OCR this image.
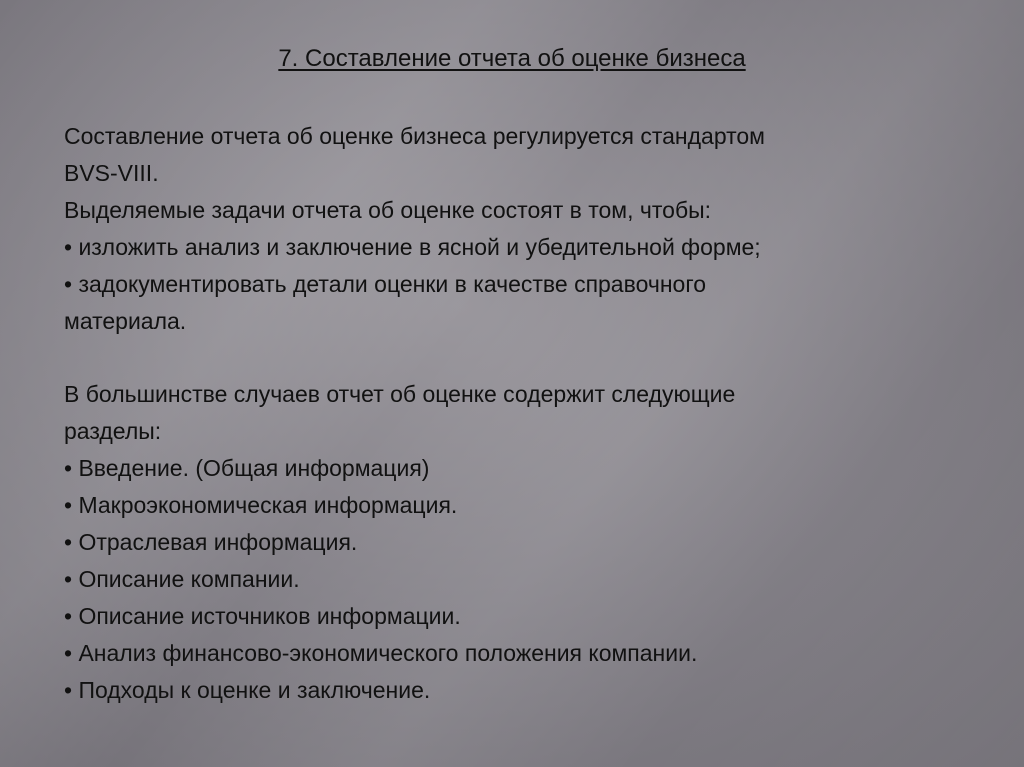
7. Составление отчета об оценке бизнеса
Составление отчета об оценке бизнеса регулируется стандартом
BVS-VIII.
Выделяемые задачи отчета об оценке состоят в том, чтобы:
• изложить анализ и заключение в ясной и убедительной форме;
• задокументировать детали оценки в качестве справочного
материала.
В большинстве случаев отчет об оценке содержит следующие
разделы:
• Введение. (Общая информация)
• Макроэкономическая информация.
• Отраслевая информация.
• Описание компании.
• Описание источников информации.
• Анализ финансово-экономического положения компании.
• Подходы к оценке и заключение.
